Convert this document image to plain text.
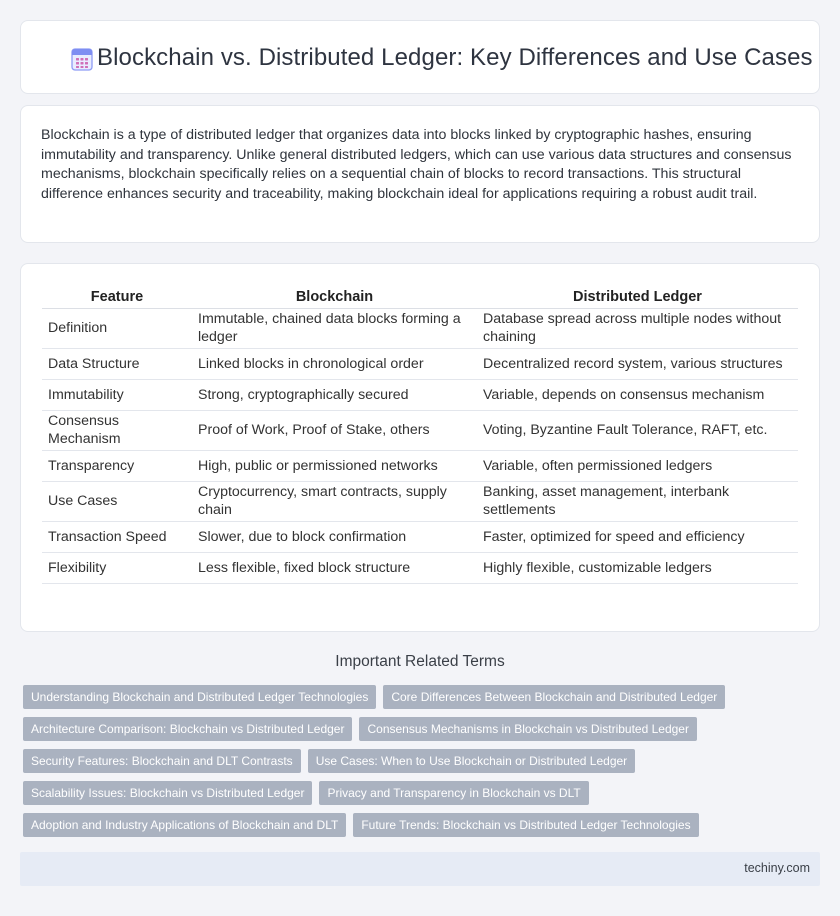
Blockchain vs. Distributed Ledger: Key Differences and Use Cases

Blockchain is a type of distributed ledger that organizes data into blocks linked by cryptographic hashes, ensuring immutability and transparency. Unlike general distributed ledgers, which can use various data structures and consensus mechanisms, blockchain specifically relies on a sequential chain of blocks to record transactions. This structural difference enhances security and traceability, making blockchain ideal for applications requiring a robust audit trail.

Feature	Blockchain	Distributed Ledger
Definition	Immutable, chained data blocks forming a ledger	Database spread across multiple nodes without chaining
Data Structure	Linked blocks in chronological order	Decentralized record system, various structures
Immutability	Strong, cryptographically secured	Variable, depends on consensus mechanism
Consensus Mechanism	Proof of Work, Proof of Stake, others	Voting, Byzantine Fault Tolerance, RAFT, etc.
Transparency	High, public or permissioned networks	Variable, often permissioned ledgers
Use Cases	Cryptocurrency, smart contracts, supply chain	Banking, asset management, interbank settlements
Transaction Speed	Slower, due to block confirmation	Faster, optimized for speed and efficiency
Flexibility	Less flexible, fixed block structure	Highly flexible, customizable ledgers
Important Related Terms
Understanding Blockchain and Distributed Ledger Technologies	Core Differences Between Blockchain and Distributed Ledger
Architecture Comparison: Blockchain vs Distributed Ledger	Consensus Mechanisms in Blockchain vs Distributed Ledger
Security Features: Blockchain and DLT Contrasts	Use Cases: When to Use Blockchain or Distributed Ledger
Scalability Issues: Blockchain vs Distributed Ledger	Privacy and Transparency in Blockchain vs DLT
Adoption and Industry Applications of Blockchain and DLT	Future Trends: Blockchain vs Distributed Ledger Technologies
techiny.com
